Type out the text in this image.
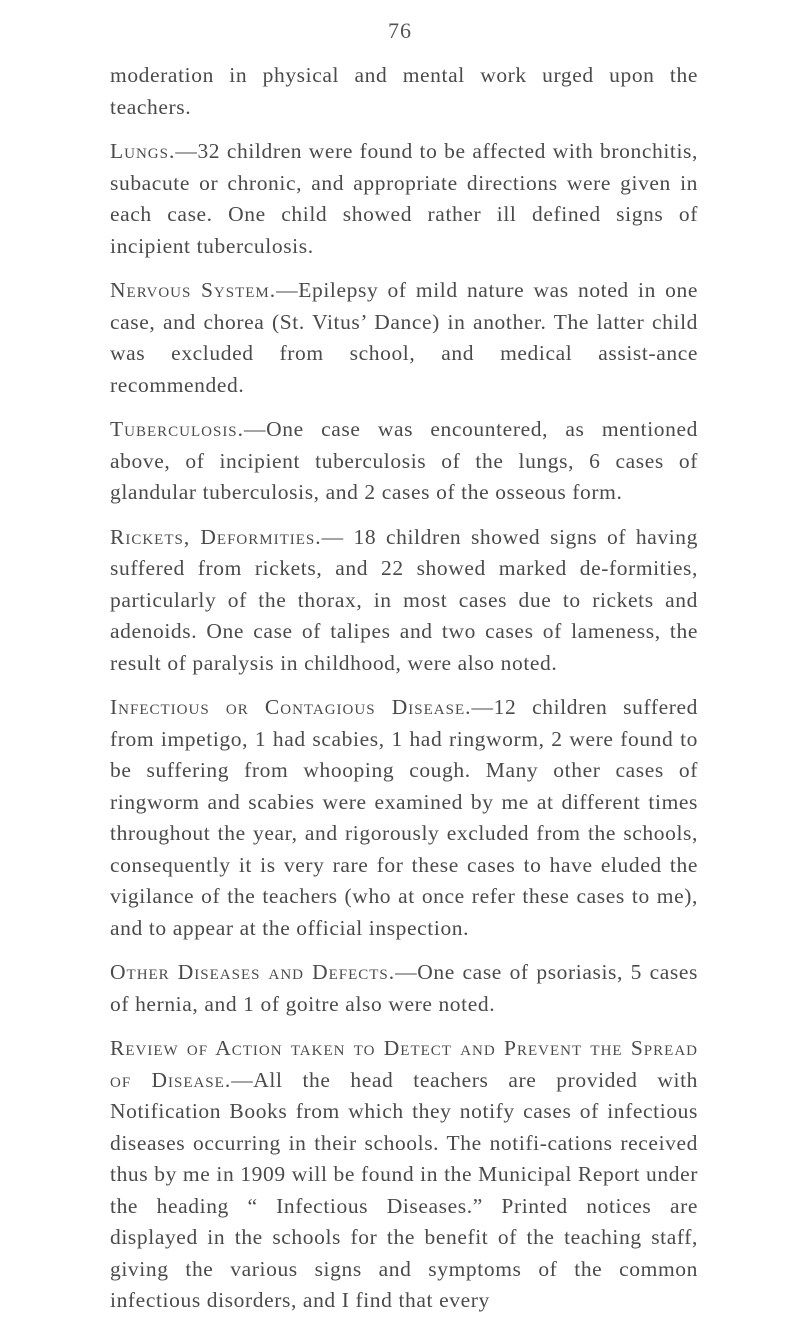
76

moderation in physical and mental work urged upon the teachers.

Lungs.—32 children were found to be affected with bronchitis, subacute or chronic, and appropriate directions were given in each case. One child showed rather ill defined signs of incipient tuberculosis.

Nervous System.—Epilepsy of mild nature was noted in one case, and chorea (St. Vitus’ Dance) in another. The latter child was excluded from school, and medical assist-ance recommended.

Tuberculosis.—One case was encountered, as mentioned above, of incipient tuberculosis of the lungs, 6 cases of glandular tuberculosis, and 2 cases of the osseous form.

Rickets, Deformities.— 18 children showed signs of having suffered from rickets, and 22 showed marked de-formities, particularly of the thorax, in most cases due to rickets and adenoids. One case of talipes and two cases of lameness, the result of paralysis in childhood, were also noted.

Infectious or Contagious Disease.—12 children suffered from impetigo, 1 had scabies, 1 had ringworm, 2 were found to be suffering from whooping cough. Many other cases of ringworm and scabies were examined by me at different times throughout the year, and rigorously excluded from the schools, consequently it is very rare for these cases to have eluded the vigilance of the teachers (who at once refer these cases to me), and to appear at the official inspection.

Other Diseases and Defects.—One case of psoriasis, 5 cases of hernia, and 1 of goitre also were noted.

Review of Action taken to Detect and Prevent the Spread of Disease.—All the head teachers are provided with Notification Books from which they notify cases of infectious diseases occurring in their schools. The notifi-cations received thus by me in 1909 will be found in the Municipal Report under the heading “ Infectious Diseases.” Printed notices are displayed in the schools for the benefit of the teaching staff, giving the various signs and symptoms of the common infectious disorders, and I find that every
